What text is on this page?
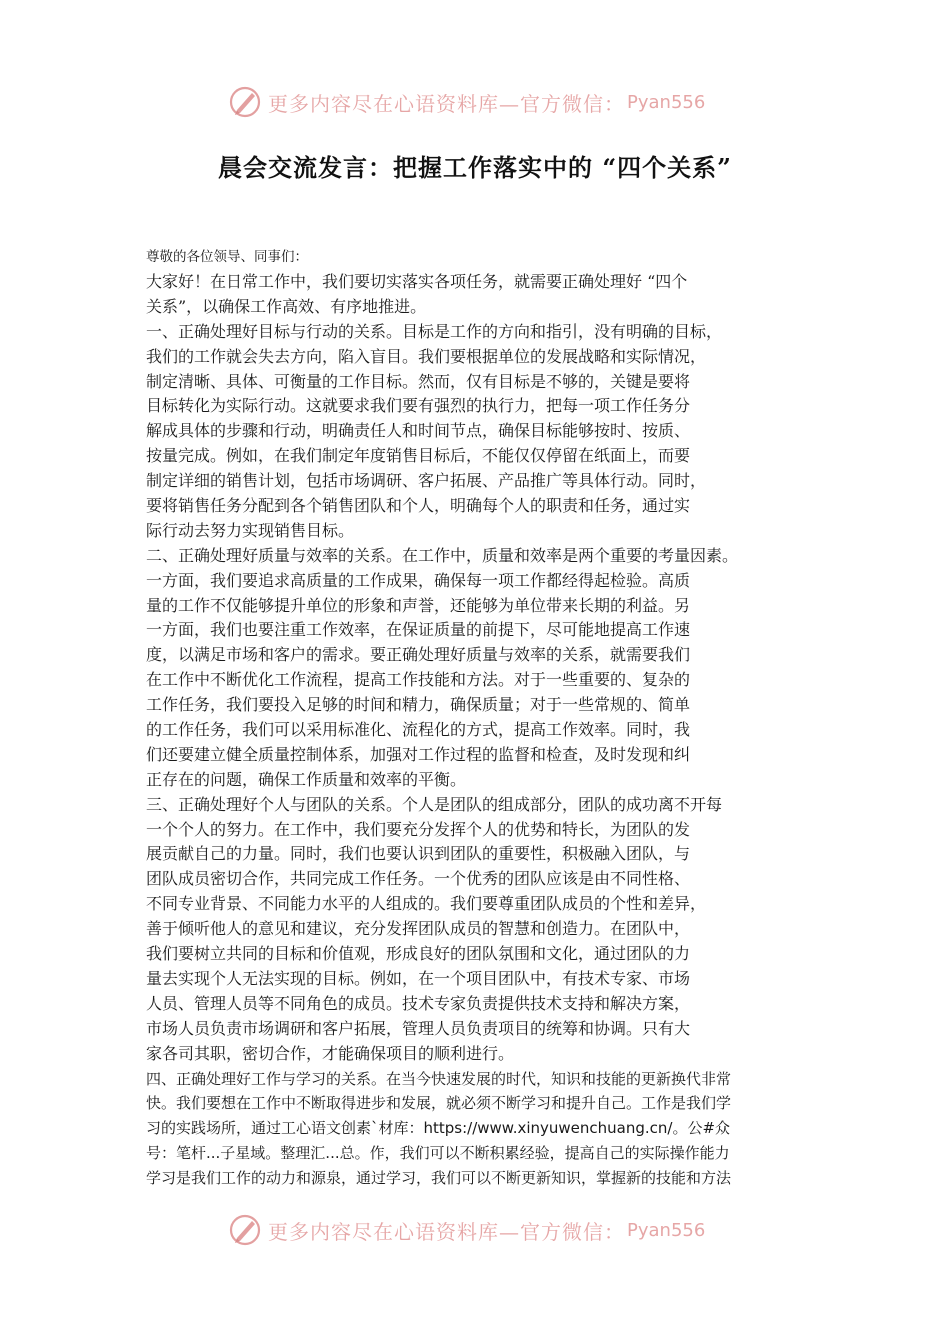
更多内容尽在心语资料库—官方微信： Pyan556
晨会交流发言：把握工作落实中的 “四个关系”
尊敬的各位领导、同事们：
大家好！在日常工作中，我们要切实落实各项任务，就需要正确处理好 “四个
关系”，以确保工作高效、有序地推进。
一、正确处理好目标与行动的关系。目标是工作的方向和指引，没有明确的目标，
我们的工作就会失去方向，陷入盲目。我们要根据单位的发展战略和实际情况，
制定清晰、具体、可衡量的工作目标。然而，仅有目标是不够的，关键是要将
目标转化为实际行动。这就要求我们要有强烈的执行力，把每一项工作任务分
解成具体的步骤和行动，明确责任人和时间节点，确保目标能够按时、按质、
按量完成。例如，在我们制定年度销售目标后，不能仅仅停留在纸面上，而要
制定详细的销售计划，包括市场调研、客户拓展、产品推广等具体行动。同时，
要将销售任务分配到各个销售团队和个人，明确每个人的职责和任务，通过实
际行动去努力实现销售目标。
二、正确处理好质量与效率的关系。在工作中，质量和效率是两个重要的考量因素。
一方面，我们要追求高质量的工作成果，确保每一项工作都经得起检验。高质
量的工作不仅能够提升单位的形象和声誉，还能够为单位带来长期的利益。另
一方面，我们也要注重工作效率，在保证质量的前提下，尽可能地提高工作速
度，以满足市场和客户的需求。要正确处理好质量与效率的关系，就需要我们
在工作中不断优化工作流程，提高工作技能和方法。对于一些重要的、复杂的
工作任务，我们要投入足够的时间和精力，确保质量；对于一些常规的、简单
的工作任务，我们可以采用标准化、流程化的方式，提高工作效率。同时，我
们还要建立健全质量控制体系，加强对工作过程的监督和检查，及时发现和纠
正存在的问题，确保工作质量和效率的平衡。
三、正确处理好个人与团队的关系。个人是团队的组成部分，团队的成功离不开每
一个个人的努力。在工作中，我们要充分发挥个人的优势和特长，为团队的发
展贡献自己的力量。同时，我们也要认识到团队的重要性，积极融入团队，与
团队成员密切合作，共同完成工作任务。一个优秀的团队应该是由不同性格、
不同专业背景、不同能力水平的人组成的。我们要尊重团队成员的个性和差异，
善于倾听他人的意见和建议，充分发挥团队成员的智慧和创造力。在团队中，
我们要树立共同的目标和价值观，形成良好的团队氛围和文化，通过团队的力
量去实现个人无法实现的目标。例如，在一个项目团队中，有技术专家、市场
人员、管理人员等不同角色的成员。技术专家负责提供技术支持和解决方案，
市场人员负责市场调研和客户拓展，管理人员负责项目的统筹和协调。只有大
家各司其职，密切合作，才能确保项目的顺利进行。
四、正确处理好工作与学习的关系。在当今快速发展的时代，知识和技能的更新换代非常
快。我们要想在工作中不断取得进步和发展，就必须不断学习和提升自己。工作是我们学
习的实践场所，通过工心语文创素`材库：https://www.xinyuwenchuang.cn/。公#众
号：笔杆...子星域。整理汇...总。作，我们可以不断积累经验，提高自己的实际操作能力
学习是我们工作的动力和源泉，通过学习，我们可以不断更新知识，掌握新的技能和方法
更多内容尽在心语资料库—官方微信： Pyan556
